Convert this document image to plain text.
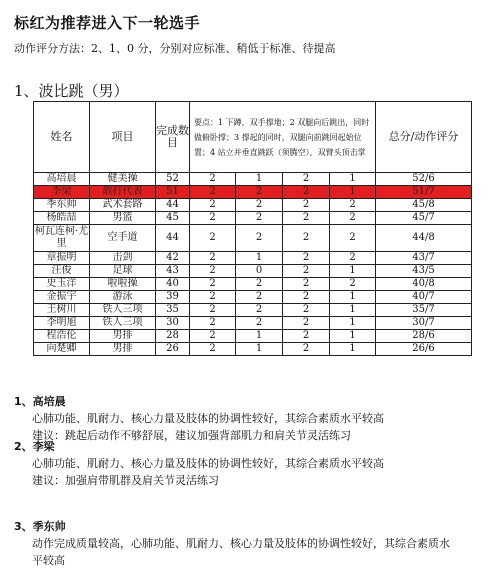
标红为推荐进入下一轮选手
动作评分方法：2、1、0 分，分别对应标准、稍低于标准、待提高
1、波比跳（男）
姓名	项目	完成数目	要点：1 下蹲，双手撑地；2 双腿向后跳出，同时做俯卧撑；3 撑起的同时，双腿向前跳回起始位置；4 站立并垂直跳跃（须腾空），双臂头顶击掌				总分/动作评分
高培晨	健美操	52	2	1	2	1	52/6
李梁	散打代表	51	2	2	2	1	51/7
季东帅	武术套路	44	2	2	2	2	45/8
杨皓喆	男篮	45	2	2	2	2	45/7
柯瓦连柯·尤里	空手道	44	2	2	2	2	44/8
章振明	击剑	42	2	1	2	2	43/7
汪俊	足球	43	2	0	2	1	43/5
史玉洋	啦啦操	40	2	2	2	2	40/8
金振宇	游泳	39	2	2	2	1	40/7
王树川	铁人三项	35	2	2	2	1	35/7
李明旭	铁人三项	30	2	2	2	1	30/7
程浩伦	男排	28	2	1	2	1	28/6
向楚卿	男排	26	2	1	2	1	26/6
1、高培晨
心肺功能、肌耐力、核心力量及肢体的协调性较好，其综合素质水平较高
建议：跳起后动作不够舒展，建议加强背部肌力和肩关节灵活练习
2、李梁
心肺功能、肌耐力、核心力量及肢体的协调性较好，其综合素质水平较高
建议：加强肩带肌群及肩关节灵活练习
3、季东帅
动作完成质量较高，心肺功能、肌耐力、核心力量及肢体的协调性较好，其综合素质水
平较高
